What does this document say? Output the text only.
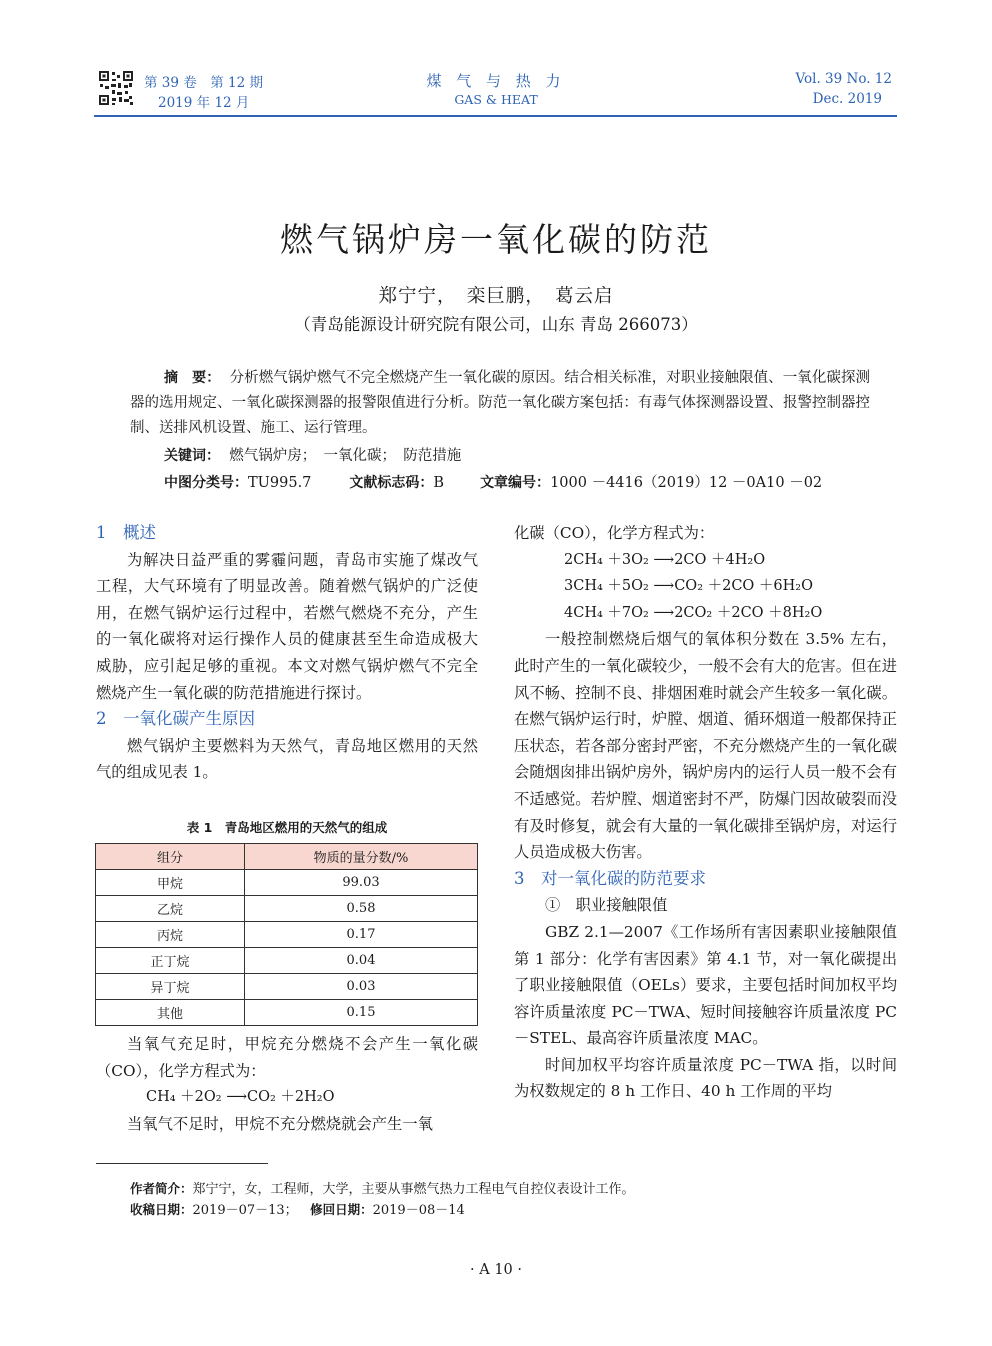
第 39 卷　第 12 期
2019 年 12 月
煤 气 与 热 力
GAS & HEAT
Vol. 39 No. 12
Dec. 2019
燃气锅炉房一氧化碳的防范
郑宁宁，　栾巨鹏，　葛云启
（青岛能源设计研究院有限公司，山东 青岛 266073）
摘　要： 分析燃气锅炉燃气不完全燃烧产生一氧化碳的原因。结合相关标准，对职业接触限值、一氧化碳探测器的选用规定、一氧化碳探测器的报警限值进行分析。防范一氧化碳方案包括：有毒气体探测器设置、报警控制器控制、送排风机设置、施工、运行管理。
关键词： 燃气锅炉房；　一氧化碳；　防范措施
中图分类号：TU995.7	文献标志码：B	文章编号：1000 －4416（2019）12 －0A10 －02
1　概述

为解决日益严重的雾霾问题，青岛市实施了煤改气工程，大气环境有了明显改善。随着燃气锅炉的广泛使用，在燃气锅炉运行过程中，若燃气燃烧不充分，产生的一氧化碳将对运行操作人员的健康甚至生命造成极大威胁，应引起足够的重视。本文对燃气锅炉燃气不完全燃烧产生一氧化碳的防范措施进行探讨。

2　一氧化碳产生原因

燃气锅炉主要燃料为天然气，青岛地区燃用的天然气的组成见表 1。

表 1　青岛地区燃用的天然气的组成
组分	物质的量分数/%
甲烷	99.03
乙烷	0.58
丙烷	0.17
正丁烷	0.04
异丁烷	0.03
其他	0.15

当氧气充足时，甲烷充分燃烧不会产生一氧化碳（CO），化学方程式为：

CH₄ ＋2O₂ ⟶CO₂ ＋2H₂O

当氧气不足时，甲烷不充分燃烧就会产生一氧

化碳（CO），化学方程式为：
2CH₄ ＋3O₂ ⟶2CO ＋4H₂O
3CH₄ ＋5O₂ ⟶CO₂ ＋2CO ＋6H₂O
4CH₄ ＋7O₂ ⟶2CO₂ ＋2CO ＋8H₂O

一般控制燃烧后烟气的氧体积分数在 3.5% 左右，此时产生的一氧化碳较少，一般不会有大的危害。但在进风不畅、控制不良、排烟困难时就会产生较多一氧化碳。在燃气锅炉运行时，炉膛、烟道、循环烟道一般都保持正压状态，若各部分密封严密，不充分燃烧产生的一氧化碳会随烟囱排出锅炉房外，锅炉房内的运行人员一般不会有不适感觉。若炉膛、烟道密封不严，防爆门因故破裂而没有及时修复，就会有大量的一氧化碳排至锅炉房，对运行人员造成极大伤害。

3　对一氧化碳的防范要求
①　职业接触限值

GBZ 2.1—2007《工作场所有害因素职业接触限值　第 1 部分：化学有害因素》第 4.1 节，对一氧化碳提出了职业接触限值（OELs）要求，主要包括时间加权平均容许质量浓度 PC－TWA、短时间接触容许质量浓度 PC－STEL、最高容许质量浓度 MAC。

时间加权平均容许质量浓度 PC－TWA 指，以时间为权数规定的 8 h 工作日、40 h 工作周的平均

作者简介：郑宁宁，女，工程师，大学，主要从事燃气热力工程电气自控仪表设计工作。
收稿日期：2019－07－13； 修回日期：2019－08－14
· A 10 ·
